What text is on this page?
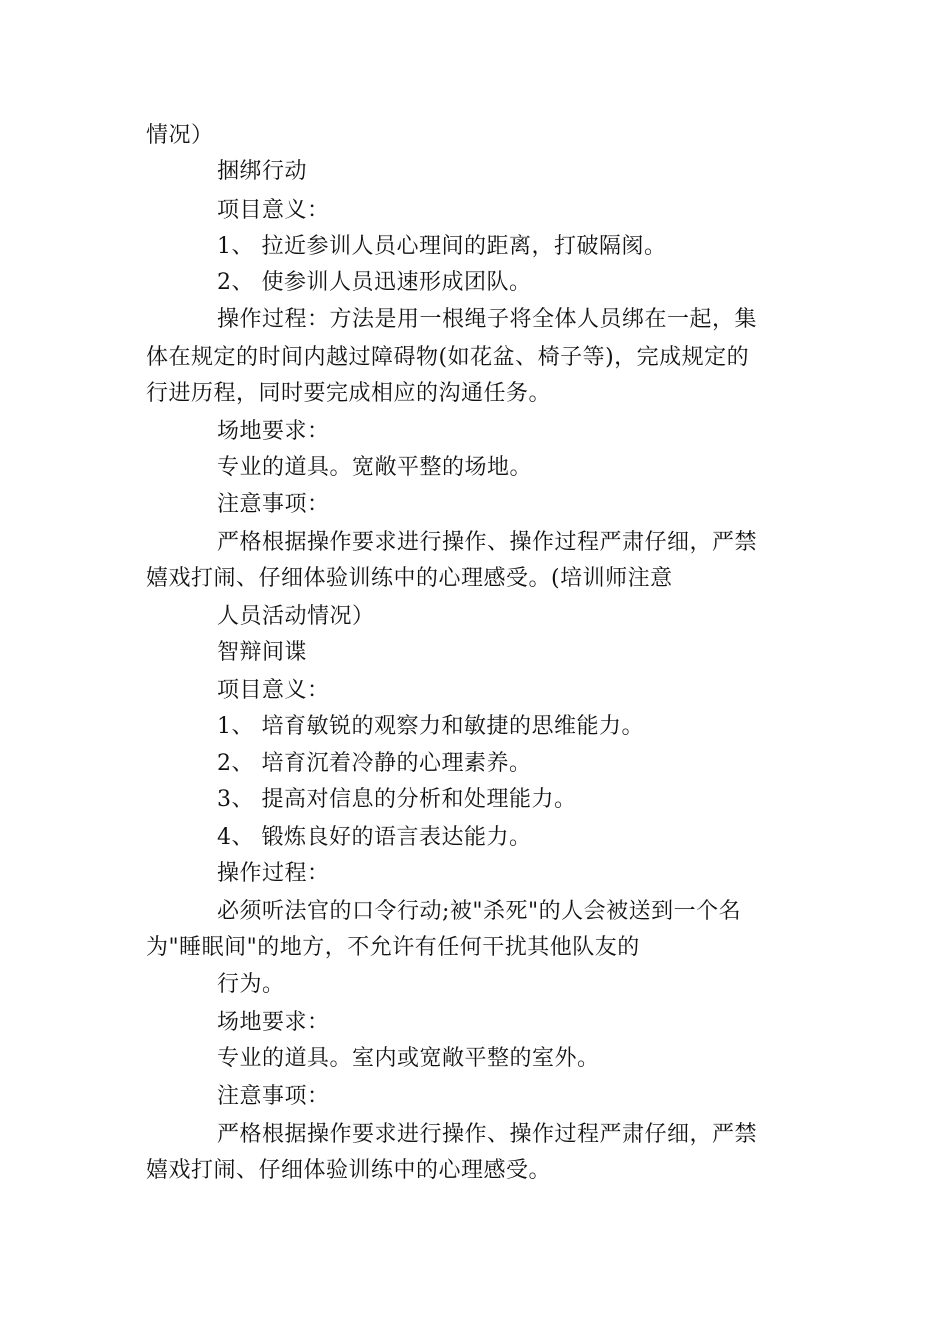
情况）
捆绑行动
项目意义：
1、 拉近参训人员心理间的距离，打破隔阂。
2、 使参训人员迅速形成团队。
操作过程：方法是用一根绳子将全体人员绑在一起，集
体在规定的时间内越过障碍物(如花盆、椅子等)，完成规定的
行进历程，同时要完成相应的沟通任务。
场地要求：
专业的道具。宽敞平整的场地。
注意事项：
严格根据操作要求进行操作、操作过程严肃仔细，严禁
嬉戏打闹、仔细体验训练中的心理感受。(培训师注意
人员活动情况）
智辩间谍
项目意义：
1、 培育敏锐的观察力和敏捷的思维能力。
2、 培育沉着冷静的心理素养。
3、 提高对信息的分析和处理能力。
4、 锻炼良好的语言表达能力。
操作过程：
必须听法官的口令行动;被"杀死"的人会被送到一个名
为"睡眠间"的地方，不允许有任何干扰其他队友的
行为。
场地要求：
专业的道具。室内或宽敞平整的室外。
注意事项：
严格根据操作要求进行操作、操作过程严肃仔细，严禁
嬉戏打闹、仔细体验训练中的心理感受。
